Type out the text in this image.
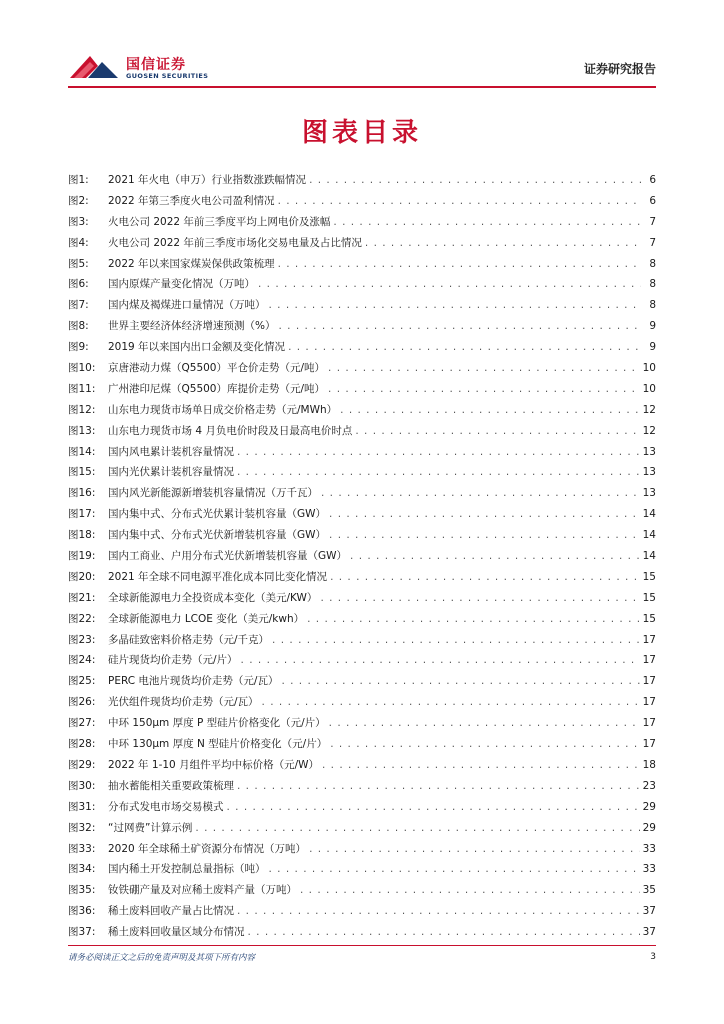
国信证券
GUOSEN SECURITIES	证券研究报告
图表目录
图1:	2021 年火电（申万）行业指数涨跌幅情况 . . .	6
图2:	2022 年第三季度火电公司盈利情况 . . .	6
图3:	火电公司 2022 年前三季度平均上网电价及涨幅 . . .	7
图4:	火电公司 2022 年前三季度市场化交易电量及占比情况 . . .	7
图5:	2022 年以来国家煤炭保供政策梳理 . . .	8
图6:	国内原煤产量变化情况（万吨） . . .	8
图7:	国内煤及褐煤进口量情况（万吨） . . .	8
图8:	世界主要经济体经济增速预测（%） . . .	9
图9:	2019 年以来国内出口金额及变化情况 . . .	9
图10:	京唐港动力煤（Q5500）平仓价走势（元/吨） . . .	10
图11:	广州港印尼煤（Q5500）库提价走势（元/吨） . . .	10
图12:	山东电力现货市场单日成交价格走势（元/MWh） . . .	12
图13:	山东电力现货市场 4 月负电价时段及日最高电价时点 . . .	12
图14:	国内风电累计装机容量情况 . . .	13
图15:	国内光伏累计装机容量情况 . . .	13
图16:	国内风光新能源新增装机容量情况（万千瓦） . . .	13
图17:	国内集中式、分布式光伏累计装机容量（GW） . . .	14
图18:	国内集中式、分布式光伏新增装机容量（GW） . . .	14
图19:	国内工商业、户用分布式光伏新增装机容量（GW） . . .	14
图20:	2021 年全球不同电源平准化成本同比变化情况 . . .	15
图21:	全球新能源电力全投资成本变化（美元/KW） . . .	15
图22:	全球新能源电力 LCOE 变化（美元/kwh） . . .	15
图23:	多晶硅致密料价格走势（元/千克） . . .	17
图24:	硅片现货均价走势（元/片） . . .	17
图25:	PERC 电池片现货均价走势（元/瓦） . . .	17
图26:	光伏组件现货均价走势（元/瓦） . . .	17
图27:	中环 150μm 厚度 P 型硅片价格变化（元/片） . . .	17
图28:	中环 130μm 厚度 N 型硅片价格变化（元/片） . . .	17
图29:	2022 年 1-10 月组件平均中标价格（元/W） . . .	18
图30:	抽水蓄能相关重要政策梳理 . . .	23
图31:	分布式发电市场交易模式 . . .	29
图32:	“过网费”计算示例 . . .	29
图33:	2020 年全球稀土矿资源分布情况（万吨） . . .	33
图34:	国内稀土开发控制总量指标（吨） . . .	33
图35:	钕铁硼产量及对应稀土废料产量（万吨） . . .	35
图36:	稀土废料回收产量占比情况 . . .	37
图37:	稀土废料回收量区域分布情况 . . .	37
请务必阅读正文之后的免责声明及其项下所有内容	3
